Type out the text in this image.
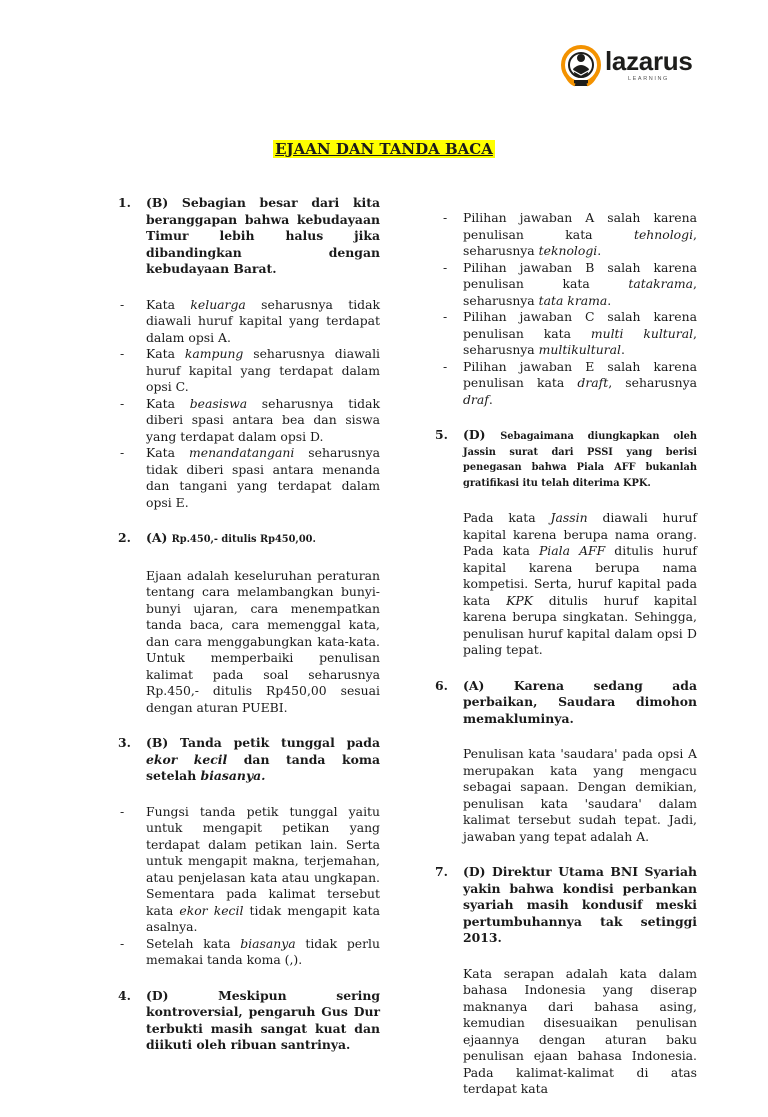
lazarus
LEARNING
EJAAN DAN TANDA BACA
1. (B) Sebagian besar dari kita beranggapan bahwa kebudayaan Timur lebih halus jika dibandingkan dengan kebudayaan Barat.
- Kata keluarga seharusnya tidak diawali huruf kapital yang terdapat dalam opsi A.
- Kata kampung seharusnya diawali huruf kapital yang terdapat dalam opsi C.
- Kata beasiswa seharusnya tidak diberi spasi antara bea dan siswa yang terdapat dalam opsi D.
- Kata menandatangani seharusnya tidak diberi spasi antara menanda dan tangani yang terdapat dalam opsi E.
2. (A) Rp.450,- ditulis Rp450,00.
Ejaan adalah keseluruhan peraturan tentang cara melambangkan bunyi-bunyi ujaran, cara menempatkan tanda baca, cara memenggal kata, dan cara menggabungkan kata-kata. Untuk memperbaiki penulisan kalimat pada soal seharusnya Rp.450,- ditulis Rp450,00 sesuai dengan aturan PUEBI.
3. (B) Tanda petik tunggal pada ekor kecil dan tanda koma setelah biasanya.
- Fungsi tanda petik tunggal yaitu untuk mengapit petikan yang terdapat dalam petikan lain. Serta untuk mengapit makna, terjemahan, atau penjelasan kata atau ungkapan. Sementara pada kalimat tersebut kata ekor kecil tidak mengapit kata asalnya.
- Setelah kata biasanya tidak perlu memakai tanda koma (,).
4. (D) Meskipun sering kontroversial, pengaruh Gus Dur terbukti masih sangat kuat dan diikuti oleh ribuan santrinya.
- Pilihan jawaban A salah karena penulisan kata tehnologi, seharusnya teknologi.
- Pilihan jawaban B salah karena penulisan kata tatakrama, seharusnya tata krama.
- Pilihan jawaban C salah karena penulisan kata multi kultural, seharusnya multikultural.
- Pilihan jawaban E salah karena penulisan kata draft, seharusnya draf.
5. (D) Sebagaimana diungkapkan oleh Jassin surat dari PSSI yang berisi penegasan bahwa Piala AFF bukanlah gratifikasi itu telah diterima KPK.
Pada kata Jassin diawali huruf kapital karena berupa nama orang. Pada kata Piala AFF ditulis huruf kapital karena berupa nama kompetisi. Serta, huruf kapital pada kata KPK ditulis huruf kapital karena berupa singkatan. Sehingga, penulisan huruf kapital dalam opsi D paling tepat.
6. (A) Karena sedang ada perbaikan, Saudara dimohon memakluminya.
Penulisan kata 'saudara' pada opsi A merupakan kata yang mengacu sebagai sapaan. Dengan demikian, penulisan kata 'saudara' dalam kalimat tersebut sudah tepat. Jadi, jawaban yang tepat adalah A.
7. (D) Direktur Utama BNI Syariah yakin bahwa kondisi perbankan syariah masih kondusif meski pertumbuhannya tak setinggi 2013.
Kata serapan adalah kata dalam bahasa Indonesia yang diserap maknanya dari bahasa asing, kemudian disesuaikan penulisan ejaannya dengan aturan baku penulisan ejaan bahasa Indonesia. Pada kalimat-kalimat di atas terdapat kata
